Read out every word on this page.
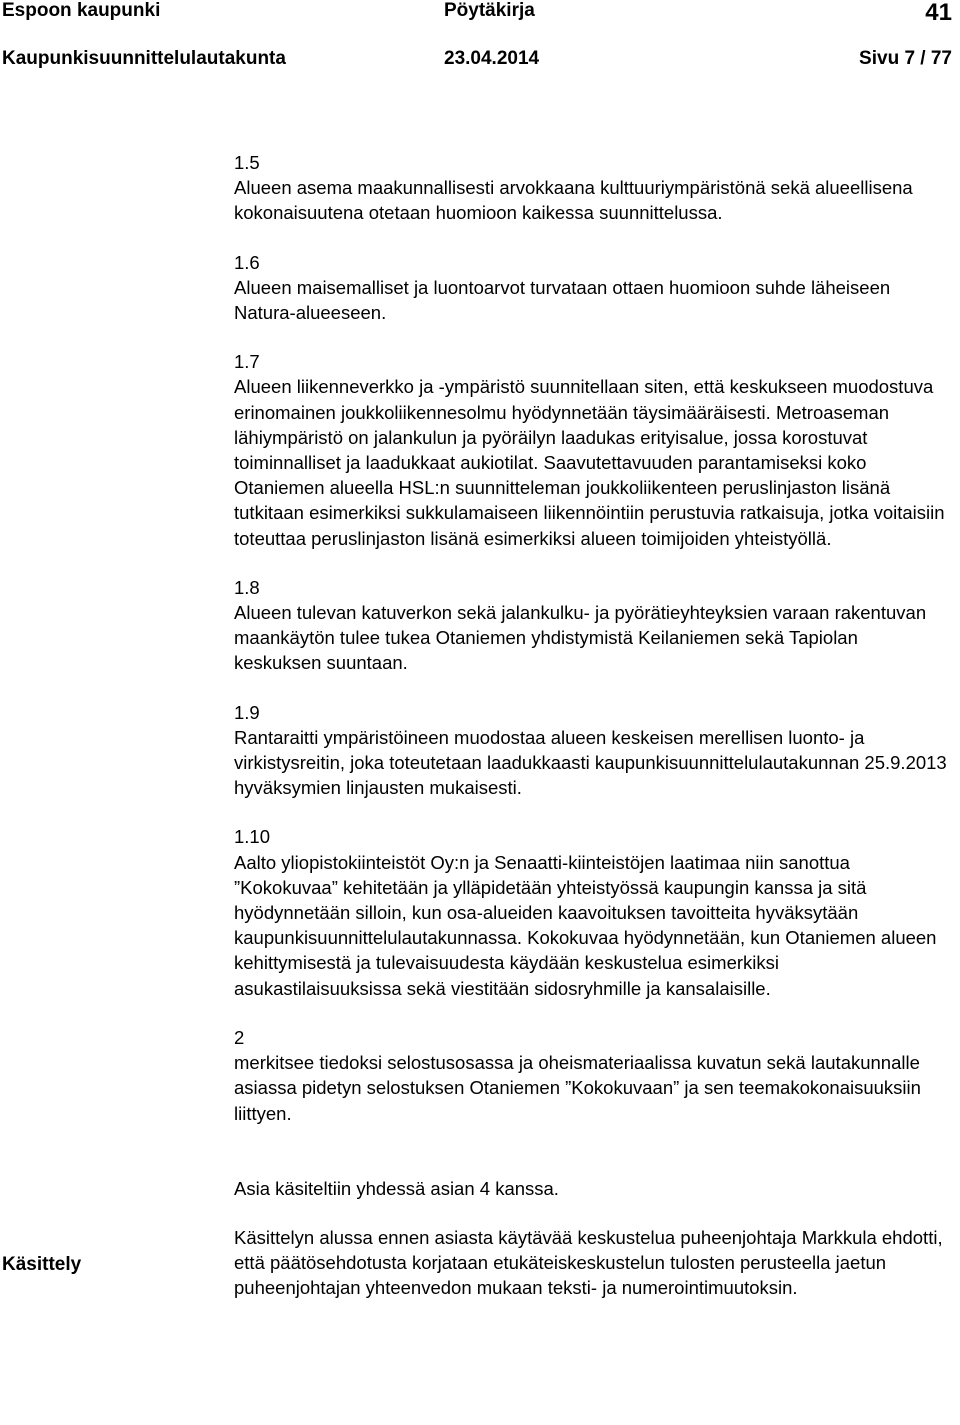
Espoon kaupunki	Pöytäkirja	41
Kaupunkisuunnittelulautakunta	23.04.2014	Sivu 7 / 77
1.5
Alueen asema maakunnallisesti arvokkaana kulttuuriympäristönä sekä alueellisena kokonaisuutena otetaan huomioon kaikessa suunnittelussa.
1.6
Alueen maisemalliset ja luontoarvot turvataan ottaen huomioon suhde läheiseen Natura-alueeseen.
1.7
Alueen liikenneverkko ja -ympäristö suunnitellaan siten, että keskukseen muodostuva erinomainen joukkoliikennesolmu hyödynnetään täysimääräisesti. Metroaseman lähiympäristö on jalankulun ja pyöräilyn laadukas erityisalue, jossa korostuvat toiminnalliset ja laadukkaat aukiotilat. Saavutettavuuden parantamiseksi koko Otaniemen alueella HSL:n suunnitteleman joukkoliikenteen peruslinjaston lisänä tutkitaan esimerkiksi sukkulamaiseen liikennöintiin perustuvia ratkaisuja, jotka voitaisiin toteuttaa peruslinjaston lisänä esimerkiksi alueen toimijoiden yhteistyöllä.
1.8
Alueen tulevan katuverkon sekä jalankulku- ja pyörätieyhteyksien varaan rakentuvan maankäytön tulee tukea Otaniemen yhdistymistä Keilaniemen sekä Tapiolan keskuksen suuntaan.
1.9
Rantaraitti ympäristöineen muodostaa alueen keskeisen merellisen luonto- ja virkistysreitin, joka toteutetaan laadukkaasti kaupunkisuunnittelulautakunnan 25.9.2013 hyväksymien linjausten mukaisesti.
1.10
Aalto yliopistokiinteistöt Oy:n ja Senaatti-kiinteistöjen laatimaa niin sanottua ”Kokokuvaa” kehitetään ja ylläpidetään yhteistyössä kaupungin kanssa ja sitä hyödynnetään silloin, kun osa-alueiden kaavoituksen tavoitteita hyväksytään kaupunkisuunnittelulautakunnassa. Kokokuvaa hyödynnetään, kun Otaniemen alueen kehittymisestä ja tulevaisuudesta käydään keskustelua esimerkiksi asukastilaisuuksissa sekä viestitään sidosryhmille ja kansalaisille.
2
merkitsee tiedoksi selostusosassa ja oheismateriaalissa kuvatun sekä lautakunnalle asiassa pidetyn selostuksen Otaniemen ”Kokokuvaan” ja sen teemakokonaisuuksiin liittyen.
Asia käsiteltiin yhdessä asian 4 kanssa.
Käsittelyn alussa ennen asiasta käytävää keskustelua puheenjohtaja Markkula ehdotti, että päätösehdotusta korjataan etukäteiskeskustelun tulosten perusteella jaetun puheenjohtajan yhteenvedon mukaan teksti- ja numerointimuutoksin.
Käsittely
